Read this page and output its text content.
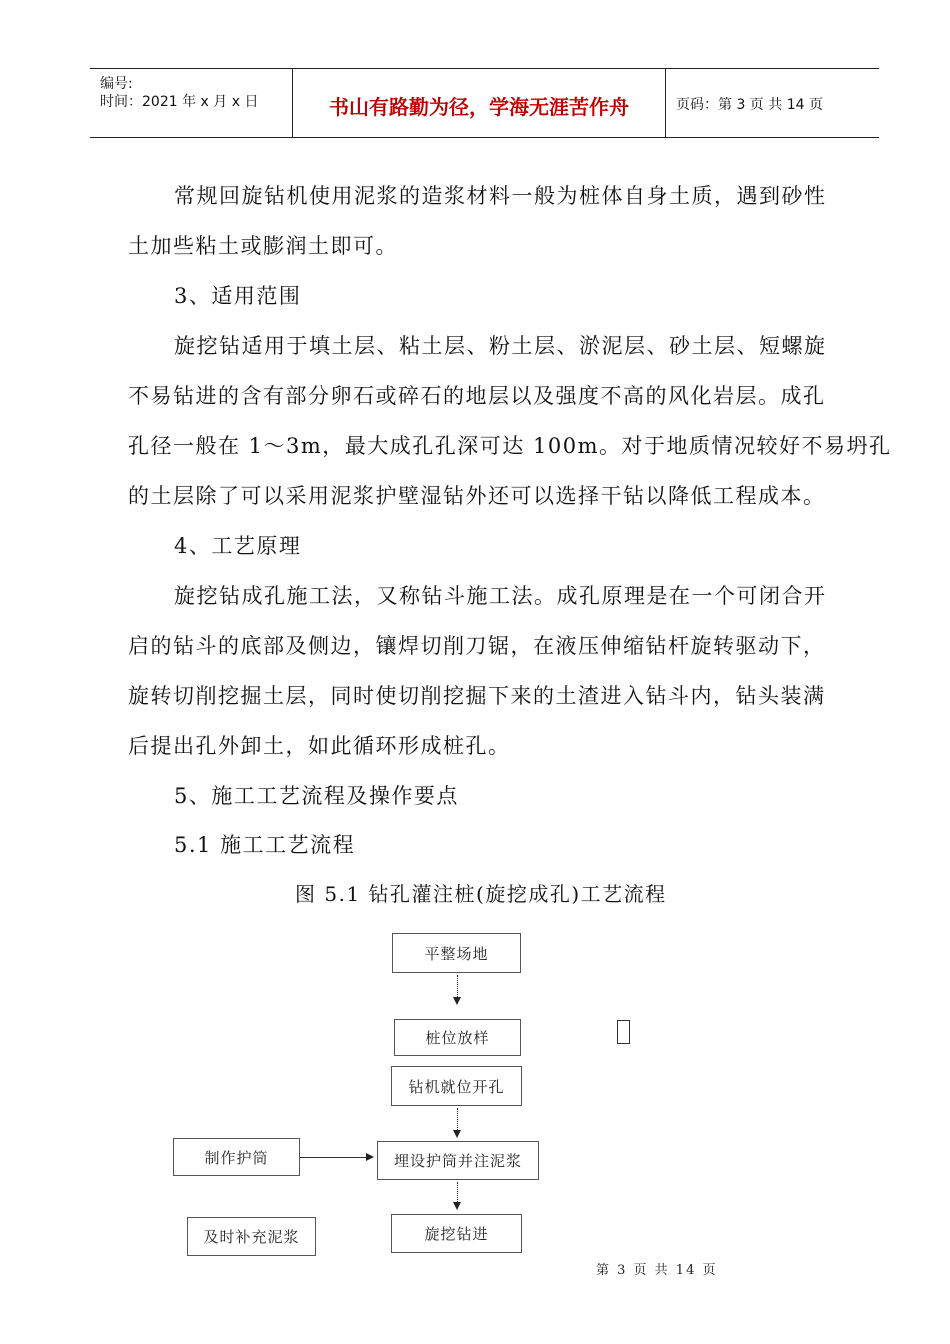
编号:
时间：2021 年 x 月 x 日	书山有路勤为径，学海无涯苦作舟	页码：第 3 页 共 14 页
常规回旋钻机使用泥浆的造浆材料一般为桩体自身土质，遇到砂性
土加些粘土或膨润土即可。
3、适用范围
旋挖钻适用于填土层、粘土层、粉土层、淤泥层、砂土层、短螺旋
不易钻进的含有部分卵石或碎石的地层以及强度不高的风化岩层。成孔
孔径一般在 1～3m，最大成孔孔深可达 100m。对于地质情况较好不易坍孔
的土层除了可以采用泥浆护壁湿钻外还可以选择干钻以降低工程成本。
4、工艺原理
旋挖钻成孔施工法，又称钻斗施工法。成孔原理是在一个可闭合开
启的钻斗的底部及侧边，镶焊切削刀锯，在液压伸缩钻杆旋转驱动下，
旋转切削挖掘土层，同时使切削挖掘下来的土渣进入钻斗内，钻头装满
后提出孔外卸土，如此循环形成桩孔。
5、施工工艺流程及操作要点
5.1 施工工艺流程
图 5.1 钻孔灌注桩(旋挖成孔)工艺流程
平整场地
桩位放样
钻机就位开孔
埋设护筒并注泥浆
制作护筒
旋挖钻进
及时补充泥浆
第 3 页 共 14 页
